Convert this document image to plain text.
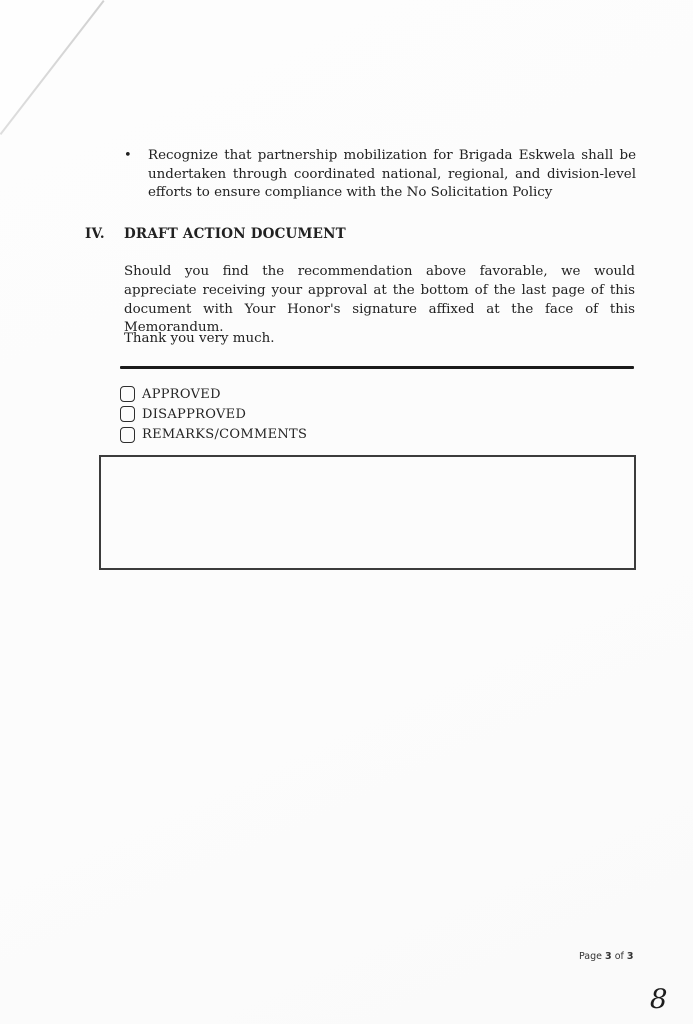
•	Recognize that partnership mobilization for Brigada Eskwela shall be undertaken through coordinated national, regional, and division-level efforts to ensure compliance with the No Solicitation Policy
IV.	DRAFT ACTION DOCUMENT

Should you find the recommendation above favorable, we would appreciate receiving your approval at the bottom of the last page of this document with Your Honor's signature affixed at the face of this Memorandum.

Thank you very much.

APPROVED
DISAPPROVED
REMARKS/COMMENTS
Page 3 of 3
8
